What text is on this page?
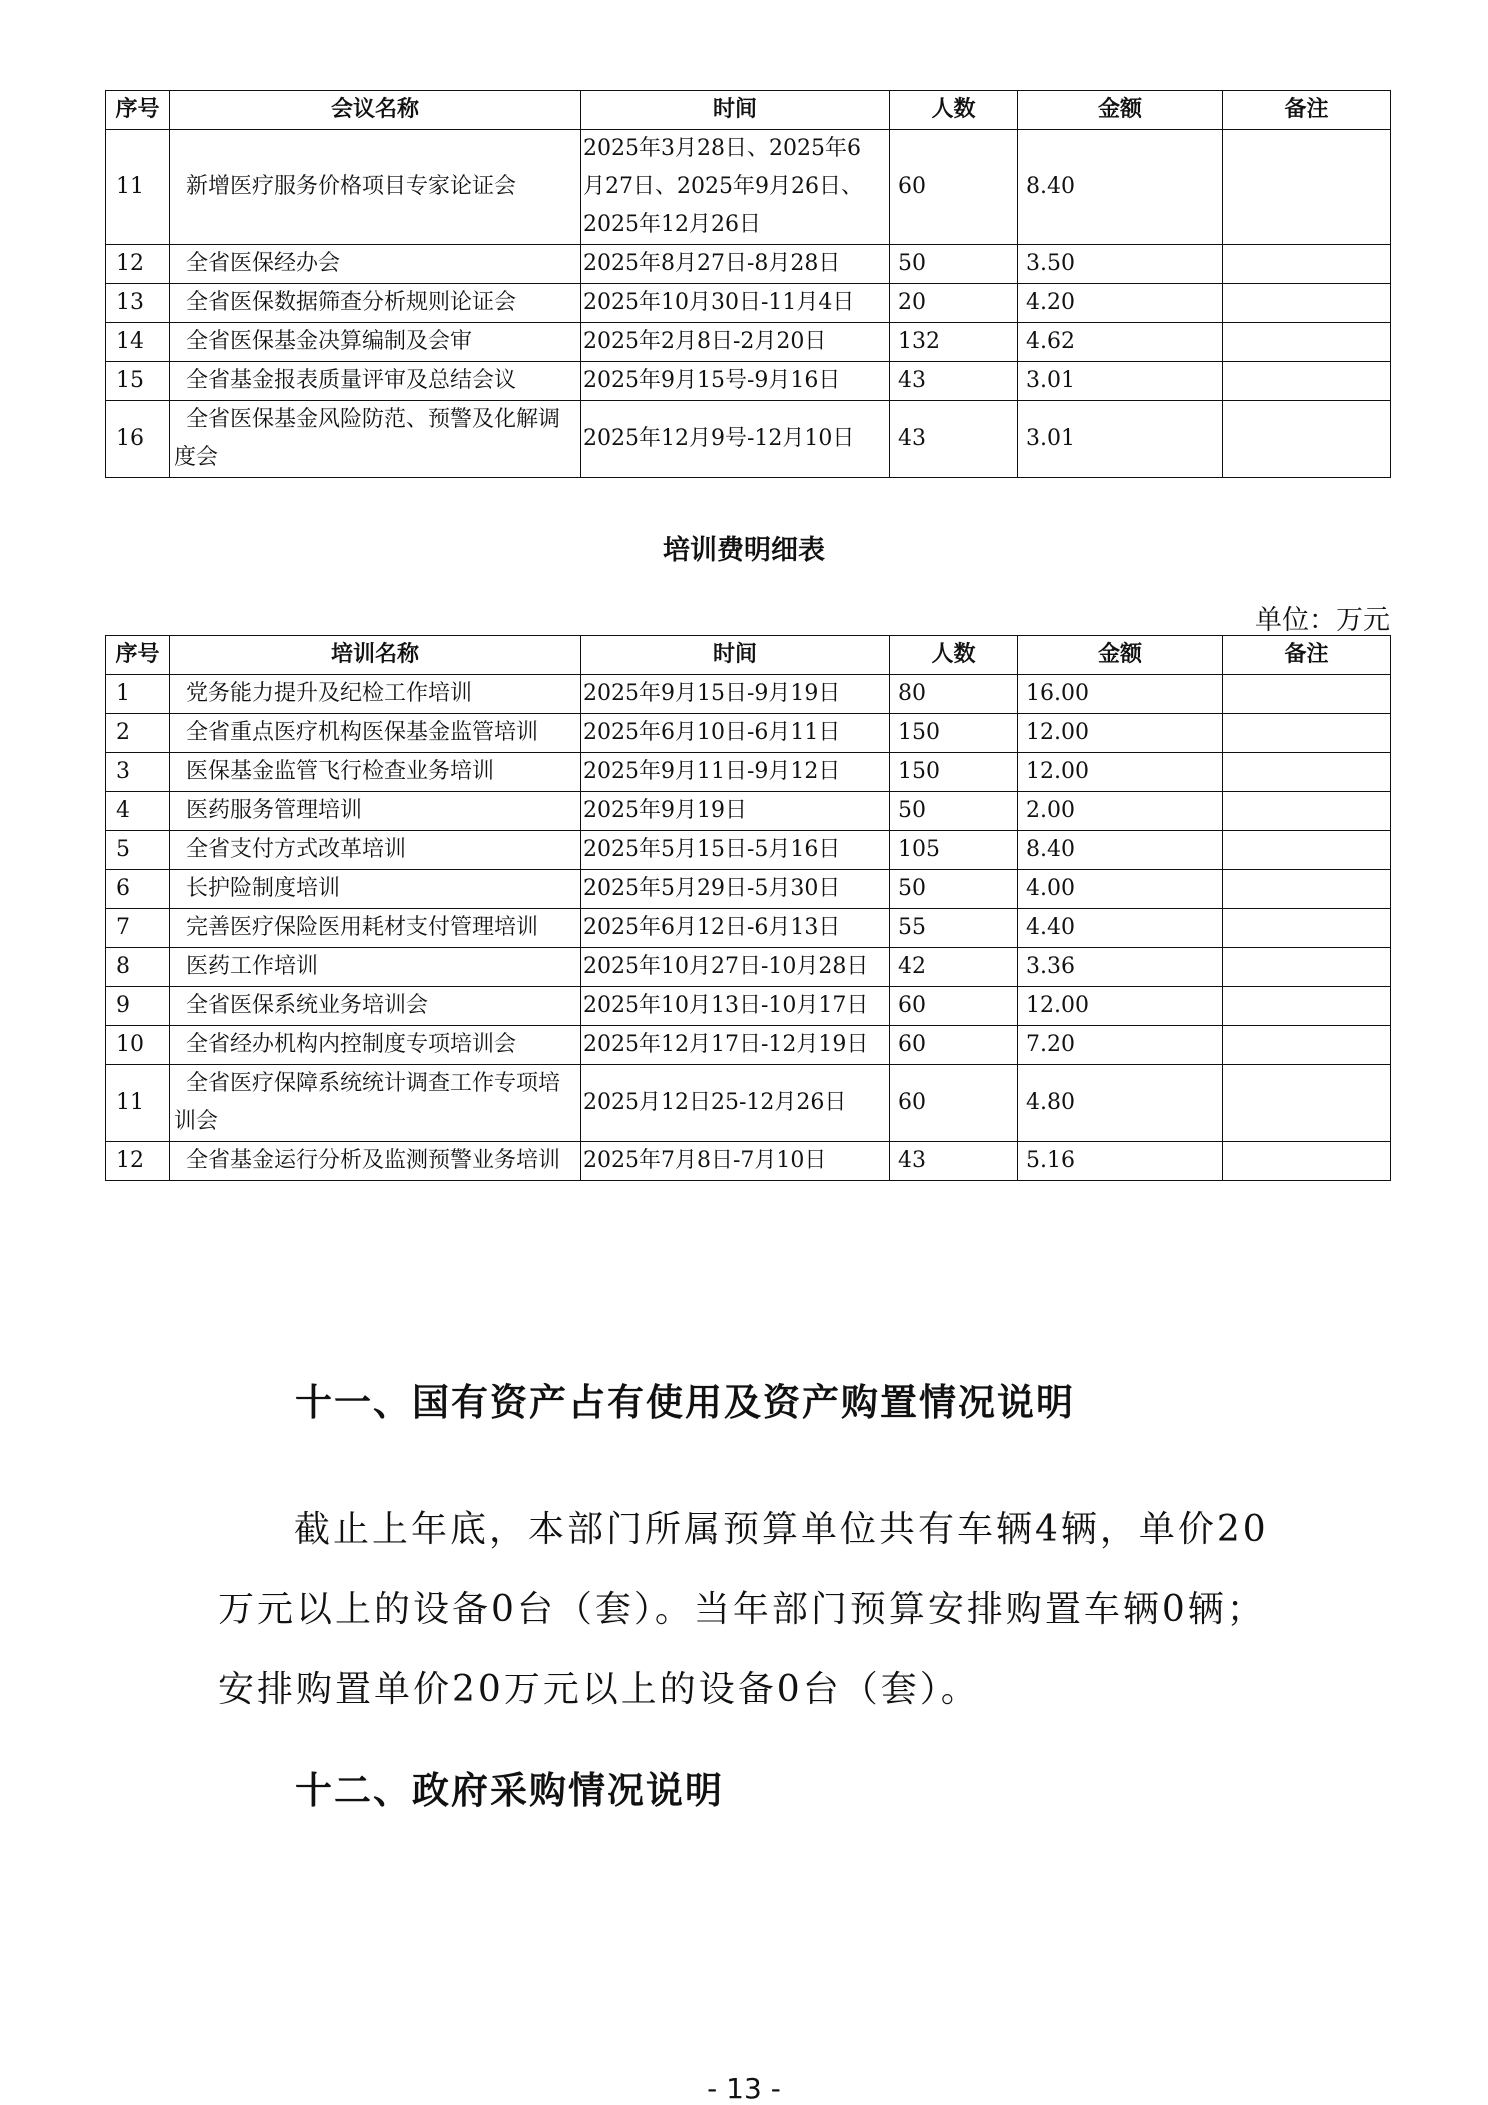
序号	会议名称	时间	人数	金额	备注
11	新增医疗服务价格项目专家论证会	2025年3月28日、2025年6月27日、2025年9月26日、2025年12月26日	60	8.40	
12	全省医保经办会	2025年8月27日-8月28日	50	3.50	
13	全省医保数据筛查分析规则论证会	2025年10月30日-11月4日	20	4.20	
14	全省医保基金决算编制及会审	2025年2月8日-2月20日	132	4.62	
15	全省基金报表质量评审及总结会议	2025年9月15号-9月16日	43	3.01	
16	全省医保基金风险防范、预警及化解调度会	2025年12月9号-12月10日	43	3.01	
培训费明细表
单位：万元
序号	培训名称	时间	人数	金额	备注
1	党务能力提升及纪检工作培训	2025年9月15日-9月19日	80	16.00	
2	全省重点医疗机构医保基金监管培训	2025年6月10日-6月11日	150	12.00	
3	医保基金监管飞行检查业务培训	2025年9月11日-9月12日	150	12.00	
4	医药服务管理培训	2025年9月19日	50	2.00	
5	全省支付方式改革培训	2025年5月15日-5月16日	105	8.40	
6	长护险制度培训	2025年5月29日-5月30日	50	4.00	
7	完善医疗保险医用耗材支付管理培训	2025年6月12日-6月13日	55	4.40	
8	医药工作培训	2025年10月27日-10月28日	42	3.36	
9	全省医保系统业务培训会	2025年10月13日-10月17日	60	12.00	
10	全省经办机构内控制度专项培训会	2025年12月17日-12月19日	60	7.20	
11	全省医疗保障系统统计调查工作专项培训会	2025月12日25-12月26日	60	4.80	
12	全省基金运行分析及监测预警业务培训	2025年7月8日-7月10日	43	5.16	
十一、国有资产占有使用及资产购置情况说明
截止上年底，本部门所属预算单位共有车辆4辆，单价20万元以上的设备0台（套）。当年部门预算安排购置车辆0辆；安排购置单价20万元以上的设备0台（套）。
十二、政府采购情况说明
- 13 -
